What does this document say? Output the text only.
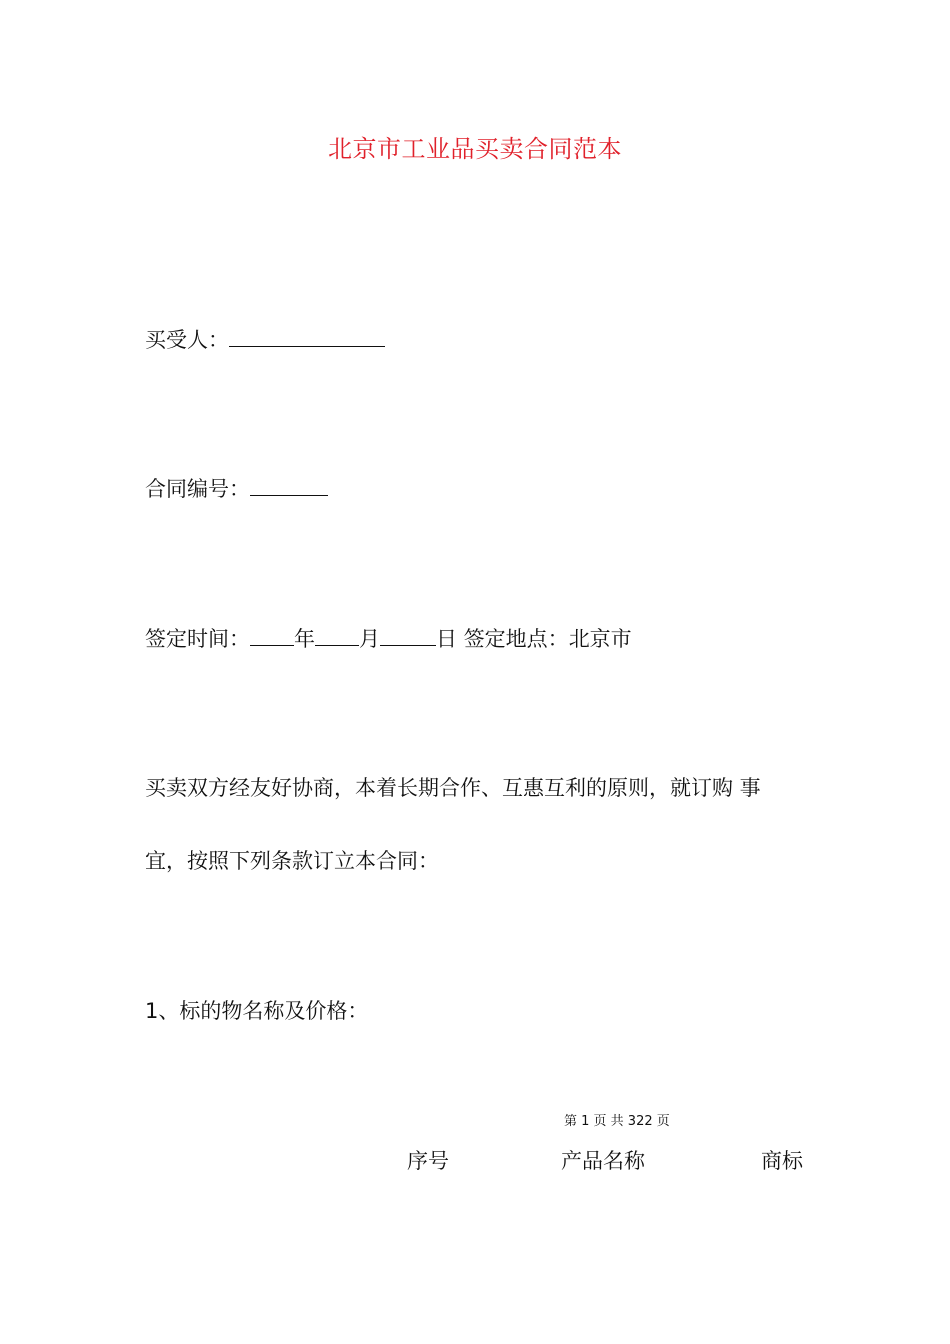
北京市工业品买卖合同范本
买受人：
合同编号：
签定时间： 年 月	日 签定地点：北京市
买卖双方经友好协商，本着长期合作、互惠互利的原则，就订购 事
宜，按照下列条款订立本合同：
1、标的物名称及价格：
第 1 页 共 322 页
序号	产品名称	商标
